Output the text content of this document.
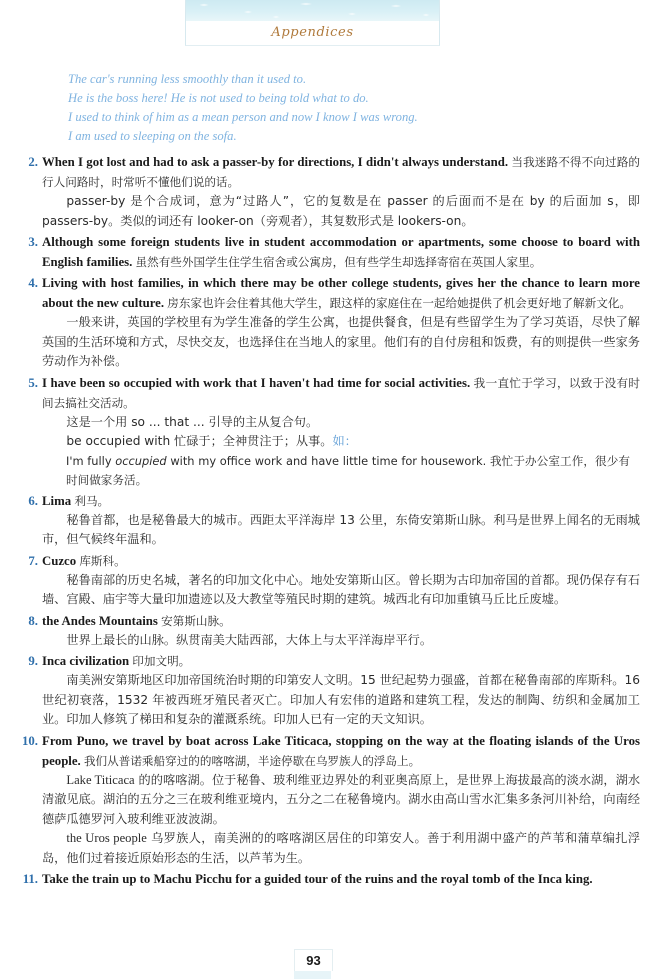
Appendices
The car's running less smoothly than it used to.
He is the boss here! He is not used to being told what to do.
I used to think of him as a mean person and now I know I was wrong.
I am used to sleeping on the sofa.
2. When I got lost and had to ask a passer-by for directions, I didn't always understand. 当我迷路不得不向过路的行人问路时，时常听不懂他们说的话。
passer-by 是个合成词，意为“过路人”，它的复数是在 passer 的后面而不是在 by 的后面加 s，即 passers-by。类似的词还有 looker-on（旁观者），其复数形式是 lookers-on。
3. Although some foreign students live in student accommodation or apartments, some choose to board with English families. 虽然有些外国学生住学生宿舍或公寓房，但有些学生却选择寄宿在英国人家里。
4. Living with host families, in which there may be other college students, gives her the chance to learn more about the new culture. 房东家也许会住着其他大学生，跟这样的家庭住在一起给她提供了机会更好地了解新文化。
一般来讲，英国的学校里有为学生准备的学生公寓，也提供餐食，但是有些留学生为了学习英语，尽快了解英国的生活环境和方式，尽快交友，也选择住在当地人的家里。他们有的自付房租和饭费，有的则提供一些家务劳动作为补偿。
5. I have been so occupied with work that I haven't had time for social activities. 我一直忙于学习，以致于没有时间去搞社交活动。
这是一个用 so ... that ... 引导的主从复合句。
be occupied with 忙碌于；全神贯注于；从事。如：
I'm fully occupied with my office work and have little time for housework. 我忙于办公室工作，很少有时间做家务活。
6. Lima 利马。
秘鲁首都，也是秘鲁最大的城市。西距太平洋海岸 13 公里，东倚安第斯山脉。利马是世界上闻名的无雨城市，但气候终年温和。
7. Cuzco 库斯科。
秘鲁南部的历史名城，著名的印加文化中心。地处安第斯山区。曾长期为古印加帝国的首都。现仍保存有石墙、宫殿、庙宇等大量印加遗迹以及大教堂等殖民时期的建筑。城西北有印加重镇马丘比丘废墟。
8. the Andes Mountains 安第斯山脉。
世界上最长的山脉。纵贯南美大陆西部，大体上与太平洋海岸平行。
9. Inca civilization 印加文明。
南美洲安第斯地区印加帝国统治时期的印第安人文明。15 世纪起势力强盛，首都在秘鲁南部的库斯科。16 世纪初衰落，1532 年被西班牙殖民者灭亡。印加人有宏伟的道路和建筑工程，发达的制陶、纺织和金属加工业。印加人修筑了梯田和复杂的灌溉系统。印加人已有一定的天文知识。
10. From Puno, we travel by boat across Lake Titicaca, stopping on the way at the floating islands of the Uros people. 我们从普诺乘船穿过的的喀喀湖，半途停歇在乌罗族人的浮岛上。
Lake Titicaca 的的喀喀湖。位于秘鲁、玻利维亚边界处的利亚奥高原上，是世界上海拔最高的淡水湖，湖水清澈见底。湖泊的五分之三在玻利维亚境内，五分之二在秘鲁境内。湖水由高山雪水汇集多条河川补给，向南经德萨瓜德罗河入玻利维亚波波湖。
the Uros people 乌罗族人，南美洲的的喀喀湖区居住的印第安人。善于利用湖中盛产的芦苇和蒲草编扎浮岛，他们过着接近原始形态的生活，以芦苇为生。
11. Take the train up to Machu Picchu for a guided tour of the ruins and the royal tomb of the Inca king.
93
